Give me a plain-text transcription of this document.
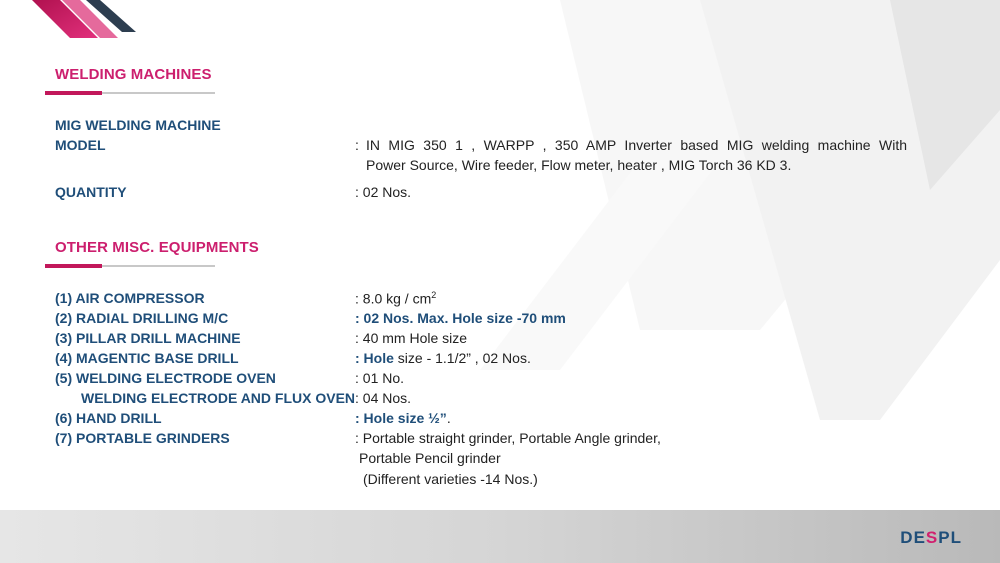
WELDING MACHINES
MIG WELDING MACHINE
MODEL	: IN MIG 350 1 , WARPP , 350 AMP Inverter based MIG welding machine With
Power Source, Wire feeder, Flow meter, heater , MIG Torch 36 KD 3.
QUANTITY	: 02 Nos.
OTHER MISC. EQUIPMENTS
(1) AIR COMPRESSOR	: 8.0 kg / $cm^2$
(2) RADIAL DRILLING M/C	: 02 Nos. Max. Hole size -70 mm
(3) PILLAR DRILL MACHINE	: 40 mm Hole size
(4) MAGENTIC BASE DRILL	: Hole size - 1.1/2” , 02 Nos.
(5) WELDING ELECTRODE OVEN	: 01 No.
WELDING ELECTRODE AND FLUX OVEN : 04 Nos.
(6) HAND DRILL	: Hole size ½”.
(7) PORTABLE GRINDERS	: Portable straight grinder, Portable Angle grinder,
Portable Pencil grinder
(Different varieties -14 Nos.)
DESPL
